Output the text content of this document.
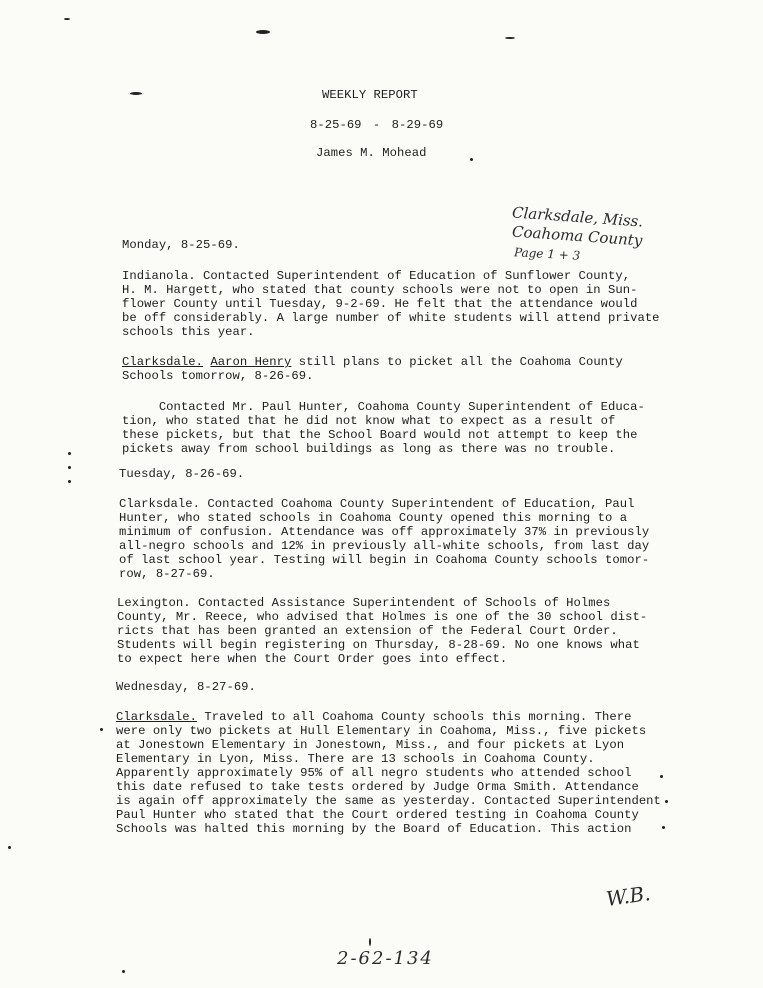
WEEKLY REPORT
8-25-69 - 8-29-69
James M. Mohead
Clarksdale, Miss.
Coahoma County
Page 1 + 3
Monday, 8-25-69.
Indianola. Contacted Superintendent of Education of Sunflower County,
H. M. Hargett, who stated that county schools were not to open in Sun-
flower County until Tuesday, 9-2-69. He felt that the attendance would
be off considerably. A large number of white students will attend private
schools this year.
Clarksdale. Aaron Henry still plans to picket all the Coahoma County
Schools tomorrow, 8-26-69.
Contacted Mr. Paul Hunter, Coahoma County Superintendent of Educa-
tion, who stated that he did not know what to expect as a result of
these pickets, but that the School Board would not attempt to keep the
pickets away from school buildings as long as there was no trouble.
Tuesday, 8-26-69.
Clarksdale. Contacted Coahoma County Superintendent of Education, Paul
Hunter, who stated schools in Coahoma County opened this morning to a
minimum of confusion. Attendance was off approximately 37% in previously
all-negro schools and 12% in previously all-white schools, from last day
of last school year. Testing will begin in Coahoma County schools tomor-
row, 8-27-69.
Lexington. Contacted Assistance Superintendent of Schools of Holmes
County, Mr. Reece, who advised that Holmes is one of the 30 school dist-
ricts that has been granted an extension of the Federal Court Order.
Students will begin registering on Thursday, 8-28-69. No one knows what
to expect here when the Court Order goes into effect.
Wednesday, 8-27-69.
Clarksdale. Traveled to all Coahoma County schools this morning. There
were only two pickets at Hull Elementary in Coahoma, Miss., five pickets
at Jonestown Elementary in Jonestown, Miss., and four pickets at Lyon
Elementary in Lyon, Miss. There are 13 schools in Coahoma County.
Apparently approximately 95% of all negro students who attended school
this date refused to take tests ordered by Judge Orma Smith. Attendance
is again off approximately the same as yesterday. Contacted Superintendent
Paul Hunter who stated that the Court ordered testing in Coahoma County
Schools was halted this morning by the Board of Education. This action
W.B.
2-62-134
